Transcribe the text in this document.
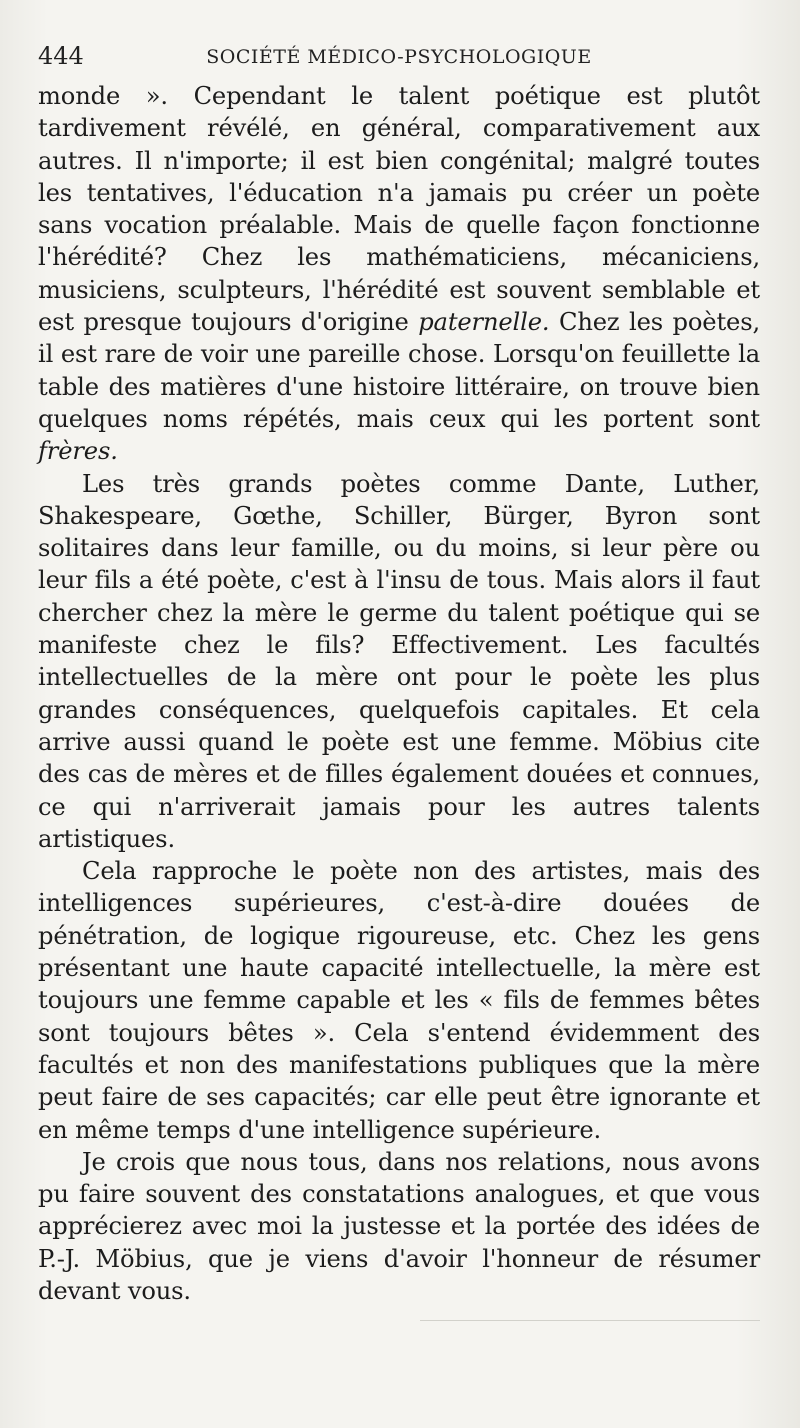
444	SOCIÉTÉ MÉDICO-PSYCHOLOGIQUE

monde ». Cependant le talent poétique est plutôt tardivement révélé, en général, comparativement aux autres. Il n'importe; il est bien congénital; malgré toutes les tentatives, l'éducation n'a jamais pu créer un poète sans vocation préalable. Mais de quelle façon fonctionne l'hérédité? Chez les mathématiciens, mécaniciens, musiciens, sculpteurs, l'hérédité est souvent semblable et est presque toujours d'origine paternelle. Chez les poètes, il est rare de voir une pareille chose. Lorsqu'on feuillette la table des matières d'une histoire littéraire, on trouve bien quelques noms répétés, mais ceux qui les portent sont frères.

Les très grands poètes comme Dante, Luther, Shakespeare, Gœthe, Schiller, Bürger, Byron sont solitaires dans leur famille, ou du moins, si leur père ou leur fils a été poète, c'est à l'insu de tous. Mais alors il faut chercher chez la mère le germe du talent poétique qui se manifeste chez le fils? Effectivement. Les facultés intellectuelles de la mère ont pour le poète les plus grandes conséquences, quelquefois capitales. Et cela arrive aussi quand le poète est une femme. Möbius cite des cas de mères et de filles également douées et connues, ce qui n'arriverait jamais pour les autres talents artistiques.

Cela rapproche le poète non des artistes, mais des intelligences supérieures, c'est-à-dire douées de pénétration, de logique rigoureuse, etc. Chez les gens présentant une haute capacité intellectuelle, la mère est toujours une femme capable et les « fils de femmes bêtes sont toujours bêtes ». Cela s'entend évidemment des facultés et non des manifestations publiques que la mère peut faire de ses capacités; car elle peut être ignorante et en même temps d'une intelligence supérieure.

Je crois que nous tous, dans nos relations, nous avons pu faire souvent des constatations analogues, et que vous apprécierez avec moi la justesse et la portée des idées de P.-J. Möbius, que je viens d'avoir l'honneur de résumer devant vous.
